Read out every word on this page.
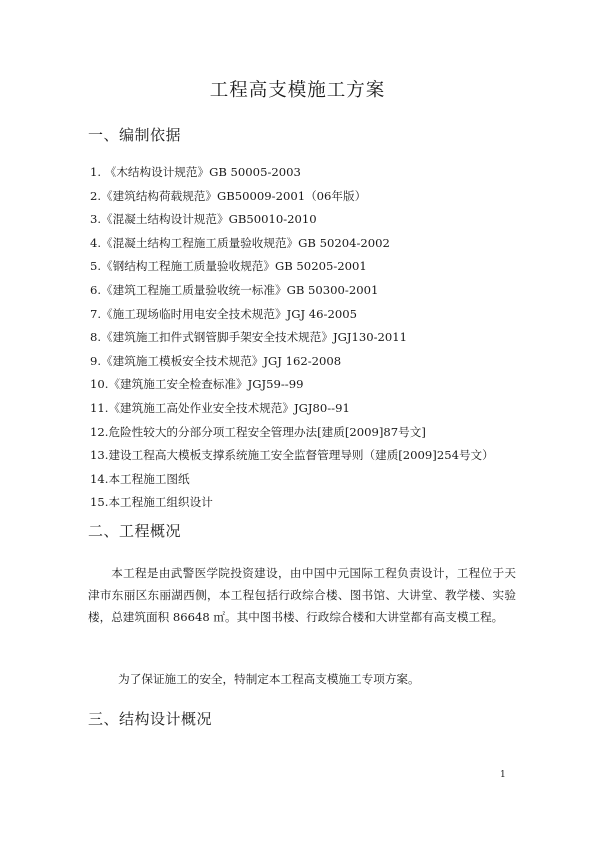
工程高支模施工方案
一、编制依据
1. 《木结构设计规范》GB 50005-2003
2.《建筑结构荷载规范》GB50009-2001（06年版）
3.《混凝土结构设计规范》GB50010-2010
4.《混凝土结构工程施工质量验收规范》GB 50204-2002
5.《钢结构工程施工质量验收规范》GB 50205-2001
6.《建筑工程施工质量验收统一标准》GB 50300-2001
7.《施工现场临时用电安全技术规范》JGJ 46-2005
8.《建筑施工扣件式钢管脚手架安全技术规范》JGJ130-2011
9.《建筑施工模板安全技术规范》JGJ 162-2008
10.《建筑施工安全检查标准》JGJ59--99
11.《建筑施工高处作业安全技术规范》JGJ80--91
12.危险性较大的分部分项工程安全管理办法[建质[2009]87号文]
13.建设工程高大模板支撑系统施工安全监督管理导则（建质[2009]254号文）
14.本工程施工图纸
15.本工程施工组织设计
二、工程概况

本工程是由武警医学院投资建设，由中国中元国际工程负责设计，工程位于天津市东丽区东丽湖西侧，本工程包括行政综合楼、图书馆、大讲堂、教学楼、实验楼，总建筑面积 86648 ㎡。其中图书楼、行政综合楼和大讲堂都有高支模工程。

为了保证施工的安全，特制定本工程高支模施工专项方案。

三、结构设计概况
1
